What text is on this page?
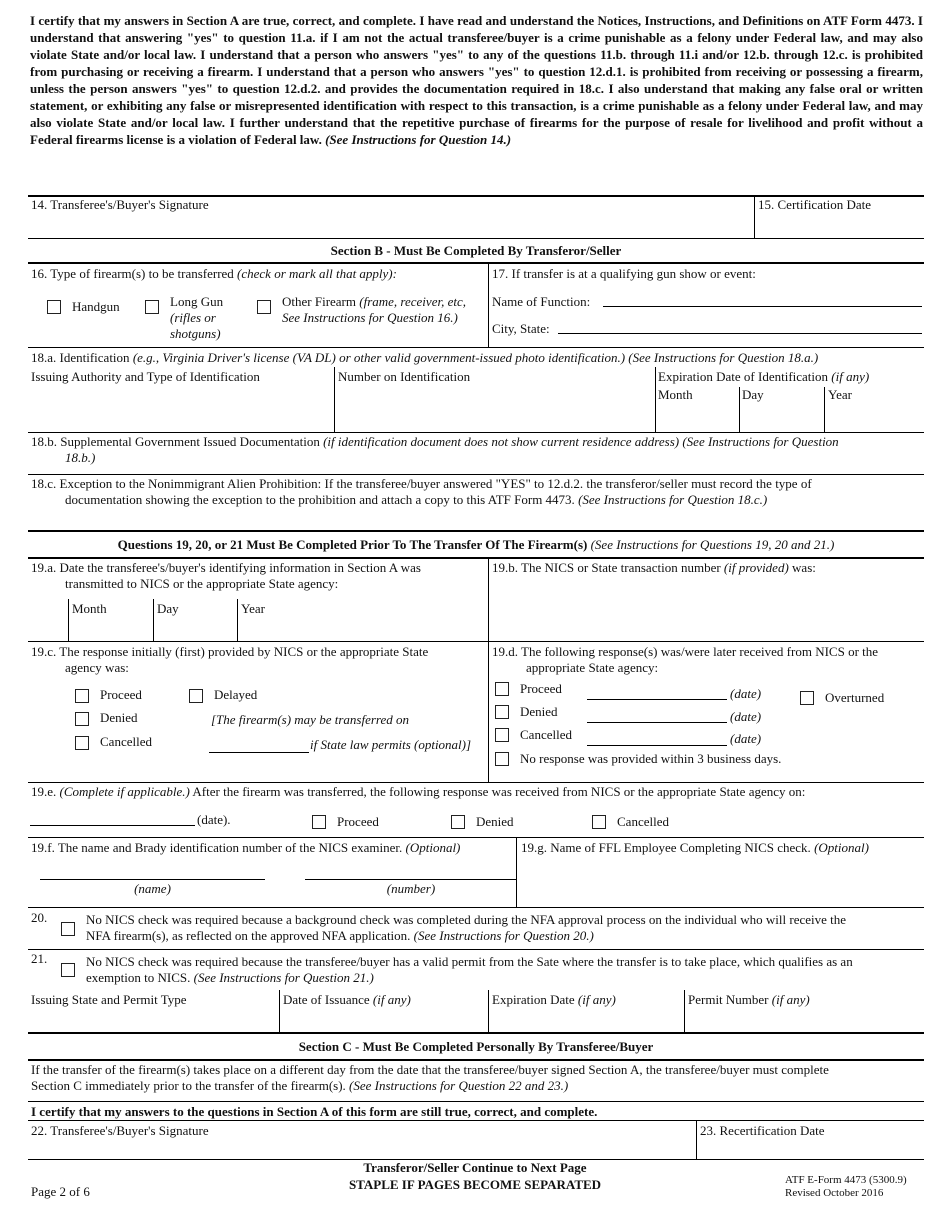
I certify that my answers in Section A are true, correct, and complete. I have read and understand the Notices, Instructions, and Definitions on ATF Form 4473. I understand that answering "yes" to question 11.a. if I am not the actual transferee/buyer is a crime punishable as a felony under Federal law, and may also violate State and/or local law. I understand that a person who answers "yes" to any of the questions 11.b. through 11.i and/or 12.b. through 12.c. is prohibited from purchasing or receiving a firearm. I understand that a person who answers "yes" to question 12.d.1. is prohibited from receiving or possessing a firearm, unless the person answers "yes" to question 12.d.2. and provides the documentation required in 18.c. I also understand that making any false oral or written statement, or exhibiting any false or misrepresented identification with respect to this transaction, is a crime punishable as a felony under Federal law, and may also violate State and/or local law. I further understand that the repetitive purchase of firearms for the purpose of resale for livelihood and profit without a Federal firearms license is a violation of Federal law. (See Instructions for Question 14.)
14. Transferee's/Buyer's Signature	15. Certification Date
Section B - Must Be Completed By Transferor/Seller
16. Type of firearm(s) to be transferred (check or mark all that apply):
Handgun	Long Gun
(rifles or
shotguns)
Other Firearm (frame, receiver, etc,
See Instructions for Question 16.)
17. If transfer is at a qualifying gun show or event:
Name of Function:
City, State:
18.a. Identification (e.g., Virginia Driver's license (VA DL) or other valid government-issued photo identification.) (See Instructions for Question 18.a.)
Issuing Authority and Type of Identification	Number on Identification	Expiration Date of Identification (if any)
Month	Day	Year
18.b. Supplemental Government Issued Documentation (if identification document does not show current residence address) (See Instructions for Question
18.b.)
18.c. Exception to the Nonimmigrant Alien Prohibition: If the transferee/buyer answered "YES" to 12.d.2. the transferor/seller must record the type of
documentation showing the exception to the prohibition and attach a copy to this ATF Form 4473. (See Instructions for Question 18.c.)
Questions 19, 20, or 21 Must Be Completed Prior To The Transfer Of The Firearm(s) (See Instructions for Questions 19, 20 and 21.)
19.a. Date the transferee's/buyer's identifying information in Section A was
transmitted to NICS or the appropriate State agency:
Month	Day	Year
19.b. The NICS or State transaction number (if provided) was:
19.c. The response initially (first) provided by NICS or the appropriate State
agency was:
Proceed	Delayed
Denied	[The firearm(s) may be transferred on
Cancelled	if State law permits (optional)]
19.d. The following response(s) was/were later received from NICS or the
appropriate State agency:
Proceed	(date)	Overturned
Denied	(date)
Cancelled	(date)
No response was provided within 3 business days.
19.e. (Complete if applicable.) After the firearm was transferred, the following response was received from NICS or the appropriate State agency on:
(date).	Proceed	Denied	Cancelled
19.f. The name and Brady identification number of the NICS examiner. (Optional)
(name)	(number)
19.g. Name of FFL Employee Completing NICS check. (Optional)
20.	No NICS check was required because a background check was completed during the NFA approval process on the individual who will receive the
NFA firearm(s), as reflected on the approved NFA application. (See Instructions for Question 20.)
21.	No NICS check was required because the transferee/buyer has a valid permit from the Sate where the transfer is to take place, which qualifies as an
exemption to NICS. (See Instructions for Question 21.)
Issuing State and Permit Type	Date of Issuance (if any)	Expiration Date (if any)	Permit Number (if any)
Section C - Must Be Completed Personally By Transferee/Buyer
If the transfer of the firearm(s) takes place on a different day from the date that the transferee/buyer signed Section A, the transferee/buyer must complete
Section C immediately prior to the transfer of the firearm(s). (See Instructions for Question 22 and 23.)
I certify that my answers to the questions in Section A of this form are still true, correct, and complete.
22. Transferee's/Buyer's Signature	23. Recertification Date
Page 2 of 6
Transferor/Seller Continue to Next Page
STAPLE IF PAGES BECOME SEPARATED	ATF E-Form 4473 (5300.9)
Revised October 2016
